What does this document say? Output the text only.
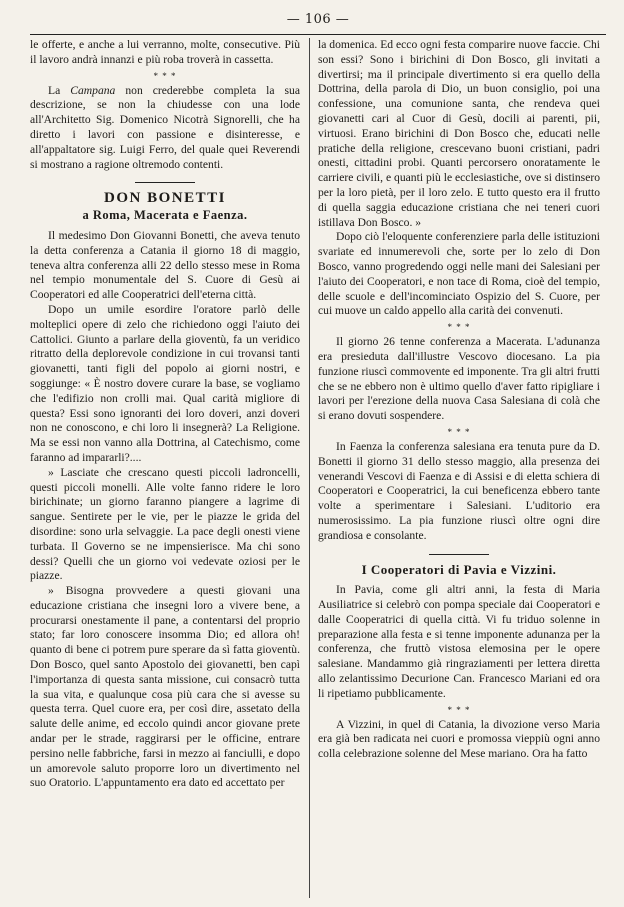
— 106 —

le offerte, e anche a lui verranno, molte, consecutive. Più il lavoro andrà innanzi e più roba troverà in cassetta.

* * *

La Campana non crederebbe completa la sua descrizione, se non la chiudesse con una lode all'Architetto Sig. Domenico Nicotrà Signorelli, che ha diretto i lavori con passione e disinteresse, e all'appaltatore sig. Luigi Ferro, del quale quei Reverendi si mostrano a ragione oltremodo contenti.

DON BONETTI
a Roma, Macerata e Faenza.

Il medesimo Don Giovanni Bonetti, che aveva tenuto la detta conferenza a Catania il giorno 18 di maggio, teneva altra conferenza alli 22 dello stesso mese in Roma nel tempio monumentale del S. Cuore di Gesù ai Cooperatori ed alle Cooperatrici dell'eterna città.

Dopo un umile esordire l'oratore parlò delle molteplici opere di zelo che richiedono oggi l'aiuto dei Cattolici. Giunto a parlare della gioventù, fa un veridico ritratto della deplorevole condizione in cui trovansi tanti giovanetti, tanti figli del popolo ai giorni nostri, e soggiunge: « È nostro dovere curare la base, se vogliamo che l'edifizio non crolli mai. Qual carità migliore di questa? Essi sono ignoranti dei loro doveri, anzi doveri non ne conoscono, e chi loro li insegnerà? La Religione. Ma se essi non vanno alla Dottrina, al Catechismo, come faranno ad impararli?....

» Lasciate che crescano questi piccoli ladroncelli, questi piccoli monelli. Alle volte fanno ridere le loro birichinate; un giorno faranno piangere a lagrime di sangue. Sentirete per le vie, per le piazze le grida del disordine: sono urla selvaggie. La pace degli onesti viene turbata. Il Governo se ne impensierisce. Ma chi sono dessi? Quelli che un giorno voi vedevate oziosi per le piazze.

» Bisogna provvedere a questi giovani una educazione cristiana che insegni loro a vivere bene, a procurarsi onestamente il pane, a contentarsi del proprio stato; far loro conoscere insomma Dio; ed allora oh! quanto di bene ci potrem pure sperare da sì fatta gioventù. Don Bosco, quel santo Apostolo dei giovanetti, ben capì l'importanza di questa santa missione, cui consacrò tutta la sua vita, e qualunque cosa più cara che si avesse su questa terra. Quel cuore era, per così dire, assetato della salute delle anime, ed eccolo quindi ancor giovane prete andar per le strade, raggirarsi per le officine, entrare persino nelle fabbriche, farsi in mezzo ai fanciulli, e dopo un amorevole saluto proporre loro un divertimento nel suo Oratorio. L'appuntamento era dato ed accettato per

la domenica. Ed ecco ogni festa comparire nuove faccie. Chi son essi? Sono i birichini di Don Bosco, gli invitati a divertirsi; ma il principale divertimento si era quello della Dottrina, della parola di Dio, un buon consiglio, poi una confessione, una comunione santa, che rendeva quei giovanetti cari al Cuor di Gesù, docili ai parenti, pii, virtuosi. Erano birichini di Don Bosco che, educati nelle pratiche della religione, crescevano buoni cristiani, padri onesti, cittadini probi. Quanti percorsero onoratamente le carriere civili, e quanti più le ecclesiastiche, ove si distinsero per la loro pietà, per il loro zelo. E tutto questo era il frutto di quella saggia educazione cristiana che nei teneri cuori istillava Don Bosco. »

Dopo ciò l'eloquente conferenziere parla delle istituzioni svariate ed innumerevoli che, sorte per lo zelo di Don Bosco, vanno progredendo oggi nelle mani dei Salesiani per l'aiuto dei Cooperatori, e non tace di Roma, cioè del tempio, delle scuole e dell'incominciato Ospizio del S. Cuore, per cui muove un caldo appello alla carità dei convenuti.

* * *

Il giorno 26 tenne conferenza a Macerata. L'adunanza era presieduta dall'illustre Vescovo diocesano. La pia funzione riuscì commovente ed imponente. Tra gli altri frutti che se ne ebbero non è ultimo quello d'aver fatto ripigliare i lavori per l'erezione della nuova Casa Salesiana di colà che si erano dovuti sospendere.

* * *

In Faenza la conferenza salesiana era tenuta pure da D. Bonetti il giorno 31 dello stesso maggio, alla presenza dei venerandi Vescovi di Faenza e di Assisi e di eletta schiera di Cooperatori e Cooperatrici, la cui beneficenza ebbero tante volte a sperimentare i Salesiani. L'uditorio era numerosissimo. La pia funzione riuscì oltre ogni dire grandiosa e consolante.

I Cooperatori di Pavia e Vizzini.

In Pavia, come gli altri anni, la festa di Maria Ausiliatrice si celebrò con pompa speciale dai Cooperatori e dalle Cooperatrici di quella città. Vi fu triduo solenne in preparazione alla festa e si tenne imponente adunanza per la conferenza, che fruttò vistosa elemosina per le opere salesiane. Mandammo già ringraziamenti per lettera diretta allo zelantissimo Decurione Can. Francesco Mariani ed ora li ripetiamo pubblicamente.

* * *

A Vizzini, in quel di Catania, la divozione verso Maria era già ben radicata nei cuori e promossa vieppiù ogni anno colla celebrazione solenne del Mese mariano. Ora ha fatto
